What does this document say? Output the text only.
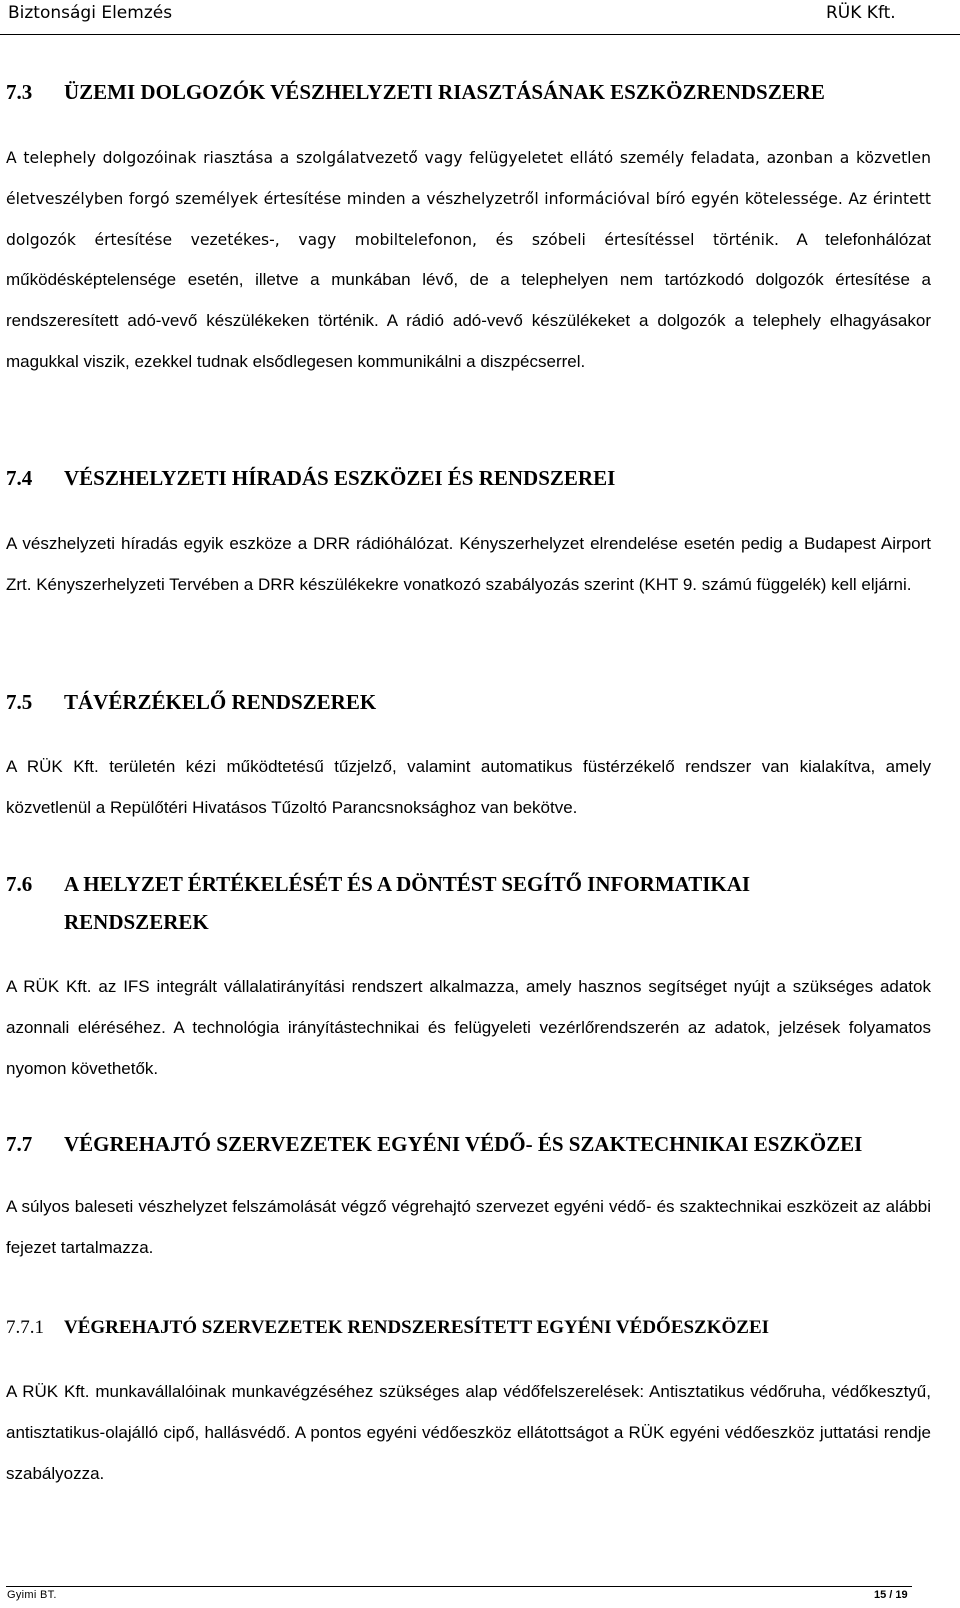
Biztonsági Elemzés	RÜK Kft.
7.3 ÜZEMI DOLGOZÓK VÉSZHELYZETI RIASZTÁSÁNAK ESZKÖZRENDSZERE

A telephely dolgozóinak riasztása a szolgálatvezető vagy felügyeletet ellátó személy feladata, azonban a közvetlen életveszélyben forgó személyek értesítése minden a vészhelyzetről információval bíró egyén kötelessége. Az érintett dolgozók értesítése vezetékes-, vagy mobiltelefonon, és szóbeli értesítéssel történik. A telefonhálózat működésképtelensége esetén, illetve a munkában lévő, de a telephelyen nem tartózkodó dolgozók értesítése a rendszeresített adó-vevő készülékeken történik. A rádió adó-vevő készülékeket a dolgozók a telephely elhagyásakor magukkal viszik, ezekkel tudnak elsődlegesen kommunikálni a diszpécserrel.

7.4 VÉSZHELYZETI HÍRADÁS ESZKÖZEI ÉS RENDSZEREI

A vészhelyzeti híradás egyik eszköze a DRR rádióhálózat. Kényszerhelyzet elrendelése esetén pedig a Budapest Airport Zrt. Kényszerhelyzeti Tervében a DRR készülékekre vonatkozó szabályozás szerint (KHT 9. számú függelék) kell eljárni.

7.5 TÁVÉRZÉKELŐ RENDSZEREK

A RÜK Kft. területén kézi működtetésű tűzjelző, valamint automatikus füstérzékelő rendszer van kialakítva, amely közvetlenül a Repülőtéri Hivatásos Tűzoltó Parancsnoksághoz van bekötve.

7.6 A HELYZET ÉRTÉKELÉSÉT ÉS A DÖNTÉST SEGÍTŐ INFORMATIKAI
RENDSZEREK

A RÜK Kft. az IFS integrált vállalatirányítási rendszert alkalmazza, amely hasznos segítséget nyújt a szükséges adatok azonnali eléréséhez. A technológia irányítástechnikai és felügyeleti vezérlőrendszerén az adatok, jelzések folyamatos nyomon követhetők.

7.7 VÉGREHAJTÓ SZERVEZETEK EGYÉNI VÉDŐ- ÉS SZAKTECHNIKAI ESZKÖZEI

A súlyos baleseti vészhelyzet felszámolását végző végrehajtó szervezet egyéni védő- és szaktechnikai eszközeit az alábbi fejezet tartalmazza.

7.7.1 VÉGREHAJTÓ SZERVEZETEK RENDSZERESÍTETT EGYÉNI VÉDŐESZKÖZEI

A RÜK Kft. munkavállalóinak munkavégzéséhez szükséges alap védőfelszerelések: Antisztatikus védőruha, védőkesztyű, antisztatikus-olajálló cipő, hallásvédő. A pontos egyéni védőeszköz ellátottságot a RÜK egyéni védőeszköz juttatási rendje szabályozza.

Gyimi BT.	15 / 19
